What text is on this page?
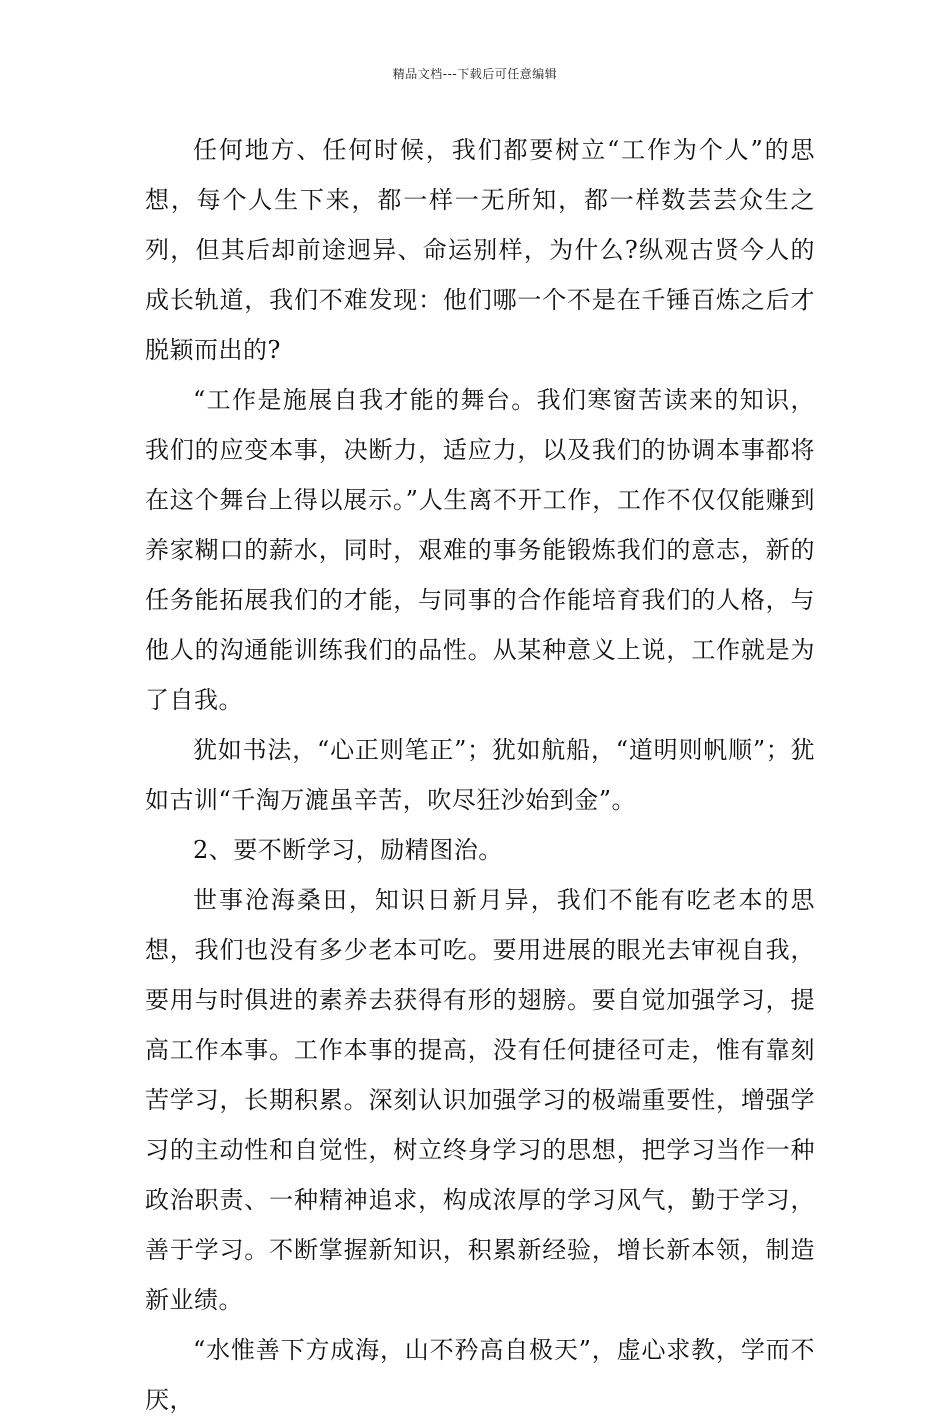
精品文档---下载后可任意编辑

任何地方、任何时候，我们都要树立“工作为个人”的思想，每个人生下来，都一样一无所知，都一样数芸芸众生之列，但其后却前途迥异、命运别样，为什么?纵观古贤今人的成长轨道，我们不难发现：他们哪一个不是在千锤百炼之后才脱颖而出的?

“工作是施展自我才能的舞台。我们寒窗苦读来的知识，我们的应变本事，决断力，适应力，以及我们的协调本事都将在这个舞台上得以展示。”人生离不开工作，工作不仅仅能赚到养家糊口的薪水，同时，艰难的事务能锻炼我们的意志，新的任务能拓展我们的才能，与同事的合作能培育我们的人格，与他人的沟通能训练我们的品性。从某种意义上说，工作就是为了自我。

犹如书法，“心正则笔正”；犹如航船，“道明则帆顺”；犹如古训“千淘万漉虽辛苦，吹尽狂沙始到金”。

2、要不断学习，励精图治。

世事沧海桑田，知识日新月异，我们不能有吃老本的思想，我们也没有多少老本可吃。要用进展的眼光去审视自我，要用与时俱进的素养去获得有形的翅膀。要自觉加强学习，提高工作本事。工作本事的提高，没有任何捷径可走，惟有靠刻苦学习，长期积累。深刻认识加强学习的极端重要性，增强学习的主动性和自觉性，树立终身学习的思想，把学习当作一种政治职责、一种精神追求，构成浓厚的学习风气，勤于学习，善于学习。不断掌握新知识，积累新经验，增长新本领，制造新业绩。

“水惟善下方成海，山不矜高自极天”，虚心求教，学而不厌，
